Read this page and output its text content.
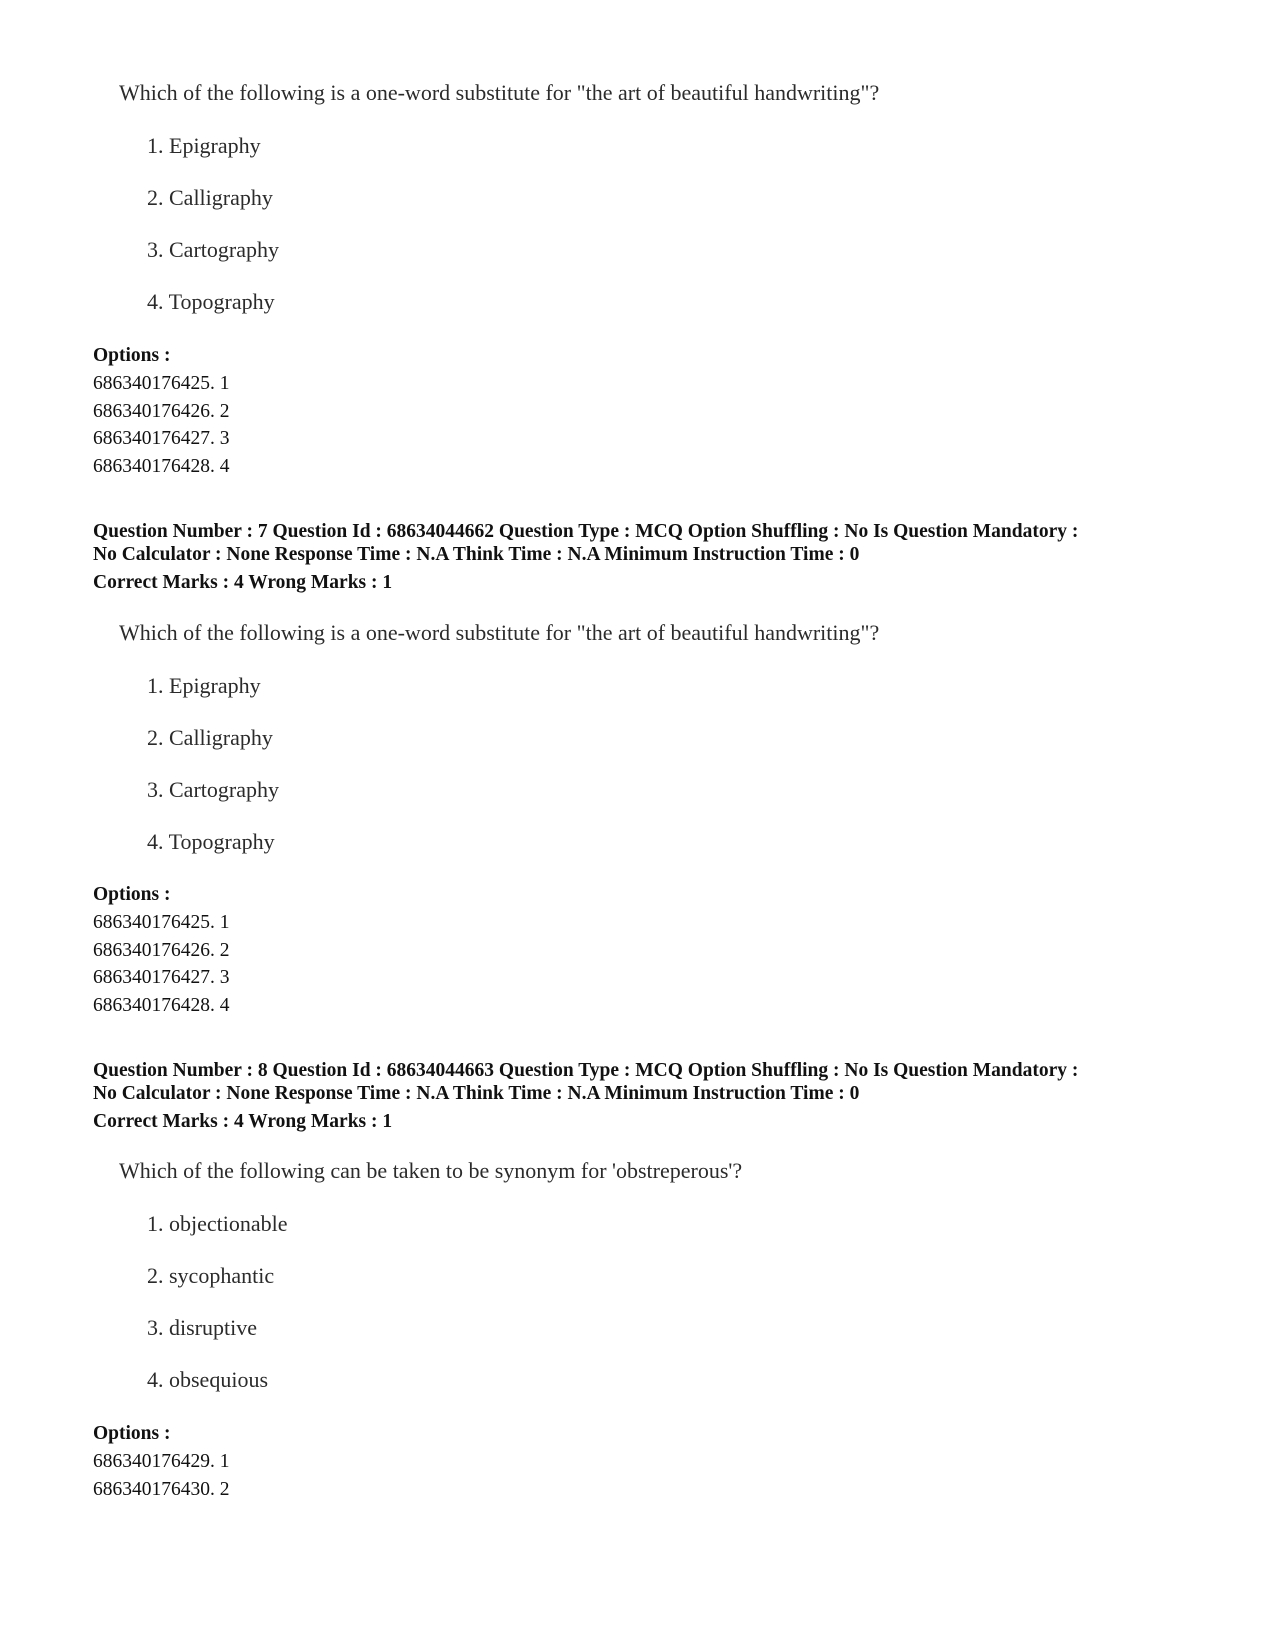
Which of the following is a one-word substitute for "the art of beautiful handwriting"?
1. Epigraphy
2. Calligraphy
3. Cartography
4. Topography
Options :
686340176425. 1
686340176426. 2
686340176427. 3
686340176428. 4
Question Number : 7 Question Id : 68634044662 Question Type : MCQ Option Shuffling : No Is Question Mandatory :
No Calculator : None Response Time : N.A Think Time : N.A Minimum Instruction Time : 0
Correct Marks : 4 Wrong Marks : 1
Which of the following is a one-word substitute for "the art of beautiful handwriting"?
1. Epigraphy
2. Calligraphy
3. Cartography
4. Topography
Options :
686340176425. 1
686340176426. 2
686340176427. 3
686340176428. 4
Question Number : 8 Question Id : 68634044663 Question Type : MCQ Option Shuffling : No Is Question Mandatory :
No Calculator : None Response Time : N.A Think Time : N.A Minimum Instruction Time : 0
Correct Marks : 4 Wrong Marks : 1
Which of the following can be taken to be synonym for 'obstreperous'?
1. objectionable
2. sycophantic
3. disruptive
4. obsequious
Options :
686340176429. 1
686340176430. 2
